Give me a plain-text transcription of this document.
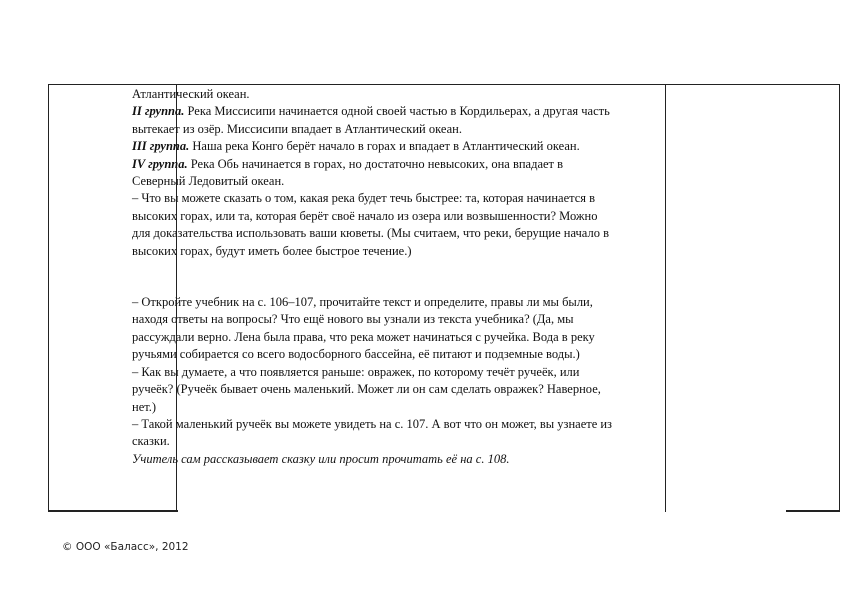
Атлантический океан.

II группа. Река Миссисипи начинается одной своей частью в Кордильерах, а другая часть вытекает из озёр. Миссисипи впадает в Атлантический океан.

III группа. Наша река Конго берёт начало в горах и впадает в Атлантический океан.

IV группа. Река Обь начинается в горах, но достаточно невысоких, она впадает в Северный Ледовитый океан.

– Что вы можете сказать о том, какая река будет течь быстрее: та, которая начинается в высоких горах, или та, которая берёт своё начало из озера или возвышенности? Можно для доказательства использовать ваши кюветы. (Мы считаем, что реки, берущие начало в высоких горах, будут иметь более быстрое течение.)

– Откройте учебник на с. 106–107, прочитайте текст и определите, правы ли мы были, находя ответы на вопросы? Что ещё нового вы узнали из текста учебника? (Да, мы рассуждали верно. Лена была права, что река может начинаться с ручейка. Вода в реку ручьями собирается со всего водосборного бассейна, её питают и подземные воды.)

– Как вы думаете, а что появляется раньше: овражек, по которому течёт ручеёк, или ручеёк? (Ручеёк бывает очень маленький. Может ли он сам сделать овражек? Наверное, нет.)

– Такой маленький ручеёк вы можете увидеть на с. 107. А вот что он может, вы узнаете из сказки.

Учитель сам рассказывает сказку или просит прочитать её на с. 108.

© ООО «Баласс», 2012
